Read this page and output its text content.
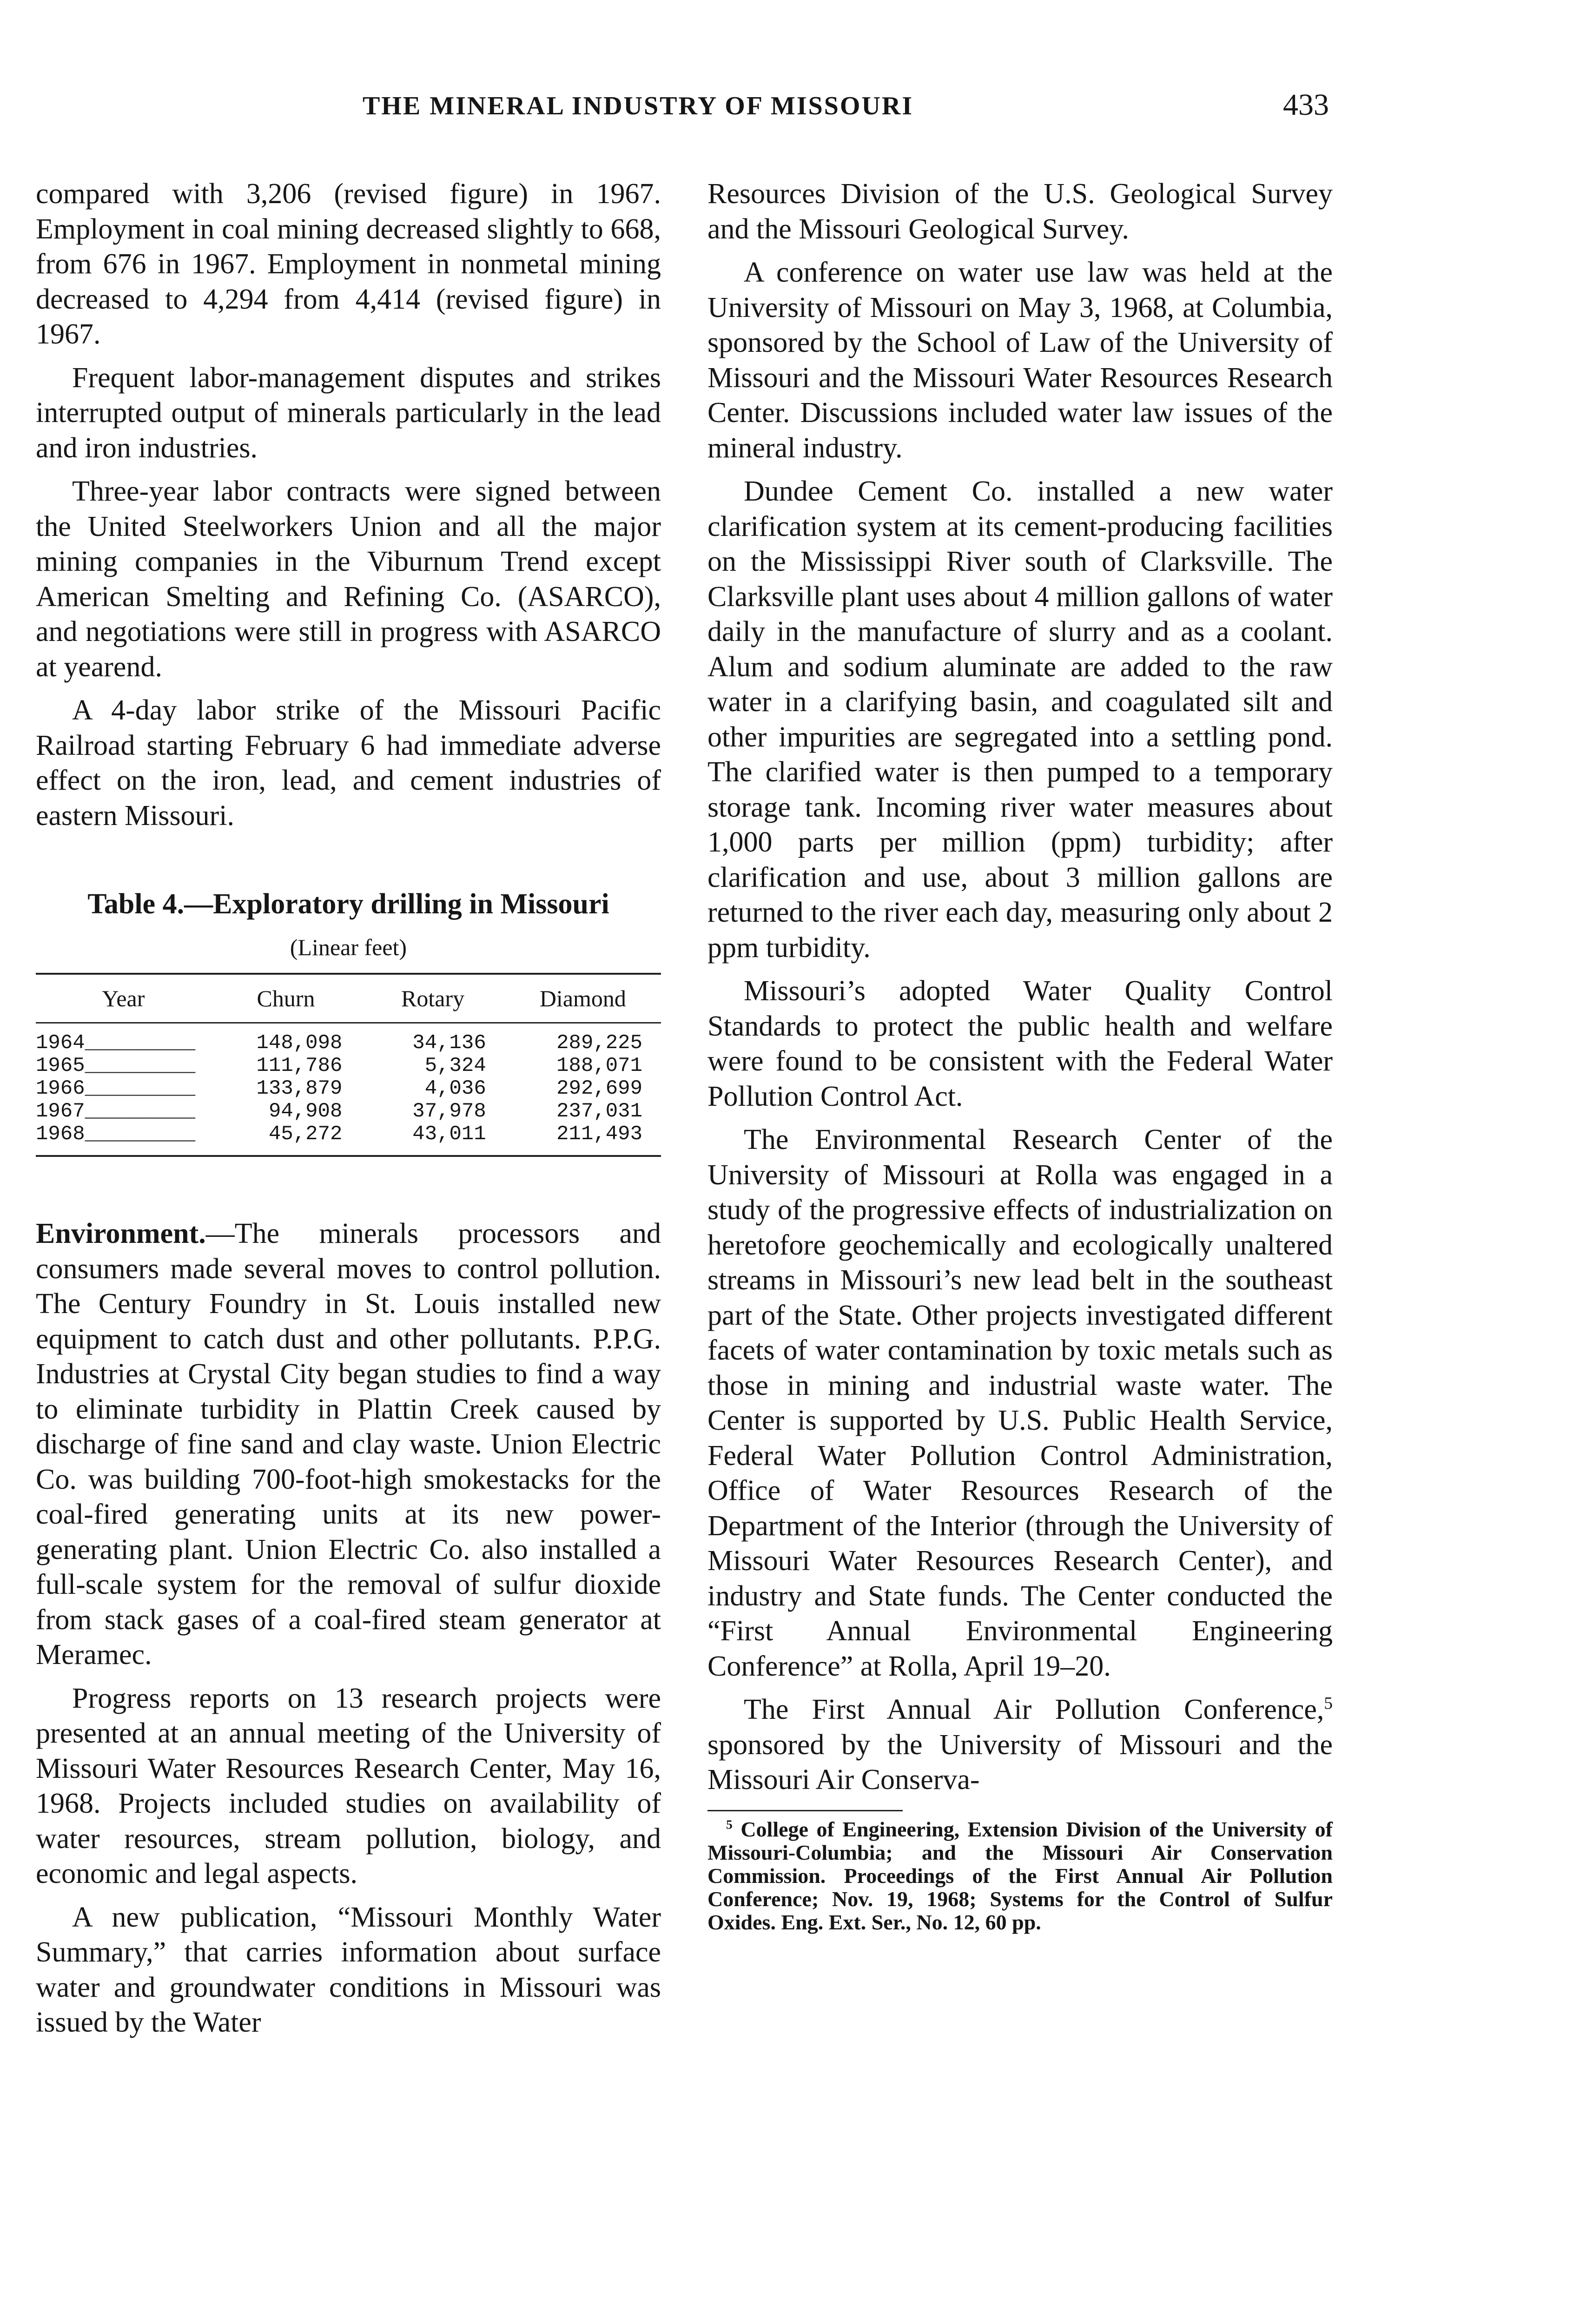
THE MINERAL INDUSTRY OF MISSOURI	433

compared with 3,206 (revised figure) in 1967. Employment in coal mining decreased slightly to 668, from 676 in 1967. Employment in nonmetal mining decreased to 4,294 from 4,414 (revised figure) in 1967.

Frequent labor-management disputes and strikes interrupted output of minerals particularly in the lead and iron industries.

Three-year labor contracts were signed between the United Steelworkers Union and all the major mining companies in the Viburnum Trend except American Smelting and Refining Co. (ASARCO), and negotiations were still in progress with ASARCO at yearend.

A 4-day labor strike of the Missouri Pacific Railroad starting February 6 had immediate adverse effect on the iron, lead, and cement industries of eastern Missouri.

Table 4.—Exploratory drilling in Missouri
(Linear feet)
Year	Churn	Rotary	Diamond
1964_________	148,098	34,136	289,225
1965_________	111,786	5,324	188,071
1966_________	133,879	4,036	292,699
1967_________	94,908	37,978	237,031
1968_________	45,272	43,011	211,493

Environment.—The minerals processors and consumers made several moves to control pollution. The Century Foundry in St. Louis installed new equipment to catch dust and other pollutants. P.P.G. Industries at Crystal City began studies to find a way to eliminate turbidity in Plattin Creek caused by discharge of fine sand and clay waste. Union Electric Co. was building 700-foot-high smokestacks for the coal-fired generating units at its new power-generating plant. Union Electric Co. also installed a full-scale system for the removal of sulfur dioxide from stack gases of a coal-fired steam generator at Meramec.

Progress reports on 13 research projects were presented at an annual meeting of the University of Missouri Water Resources Research Center, May 16, 1968. Projects included studies on availability of water resources, stream pollution, biology, and economic and legal aspects.

A new publication, “Missouri Monthly Water Summary,” that carries information about surface water and groundwater conditions in Missouri was issued by the Water

Resources Division of the U.S. Geological Survey and the Missouri Geological Survey.

A conference on water use law was held at the University of Missouri on May 3, 1968, at Columbia, sponsored by the School of Law of the University of Missouri and the Missouri Water Resources Research Center. Discussions included water law issues of the mineral industry.

Dundee Cement Co. installed a new water clarification system at its cement-producing facilities on the Mississippi River south of Clarksville. The Clarksville plant uses about 4 million gallons of water daily in the manufacture of slurry and as a coolant. Alum and sodium aluminate are added to the raw water in a clarifying basin, and coagulated silt and other impurities are segregated into a settling pond. The clarified water is then pumped to a temporary storage tank. Incoming river water measures about 1,000 parts per million (ppm) turbidity; after clarification and use, about 3 million gallons are returned to the river each day, measuring only about 2 ppm turbidity.

Missouri’s adopted Water Quality Control Standards to protect the public health and welfare were found to be consistent with the Federal Water Pollution Control Act.

The Environmental Research Center of the University of Missouri at Rolla was engaged in a study of the progressive effects of industrialization on heretofore geochemically and ecologically unaltered streams in Missouri’s new lead belt in the southeast part of the State. Other projects investigated different facets of water contamination by toxic metals such as those in mining and industrial waste water. The Center is supported by U.S. Public Health Service, Federal Water Pollution Control Administration, Office of Water Resources Research of the Department of the Interior (through the University of Missouri Water Resources Research Center), and industry and State funds. The Center conducted the “First Annual Environmental Engineering Conference” at Rolla, April 19–20.

The First Annual Air Pollution Conference,$^5$ sponsored by the University of Missouri and the Missouri Air Conserva-

$^5$ College of Engineering, Extension Division of the University of Missouri-Columbia; and the Missouri Air Conservation Commission. Proceedings of the First Annual Air Pollution Conference; Nov. 19, 1968; Systems for the Control of Sulfur Oxides. Eng. Ext. Ser., No. 12, 60 pp.
